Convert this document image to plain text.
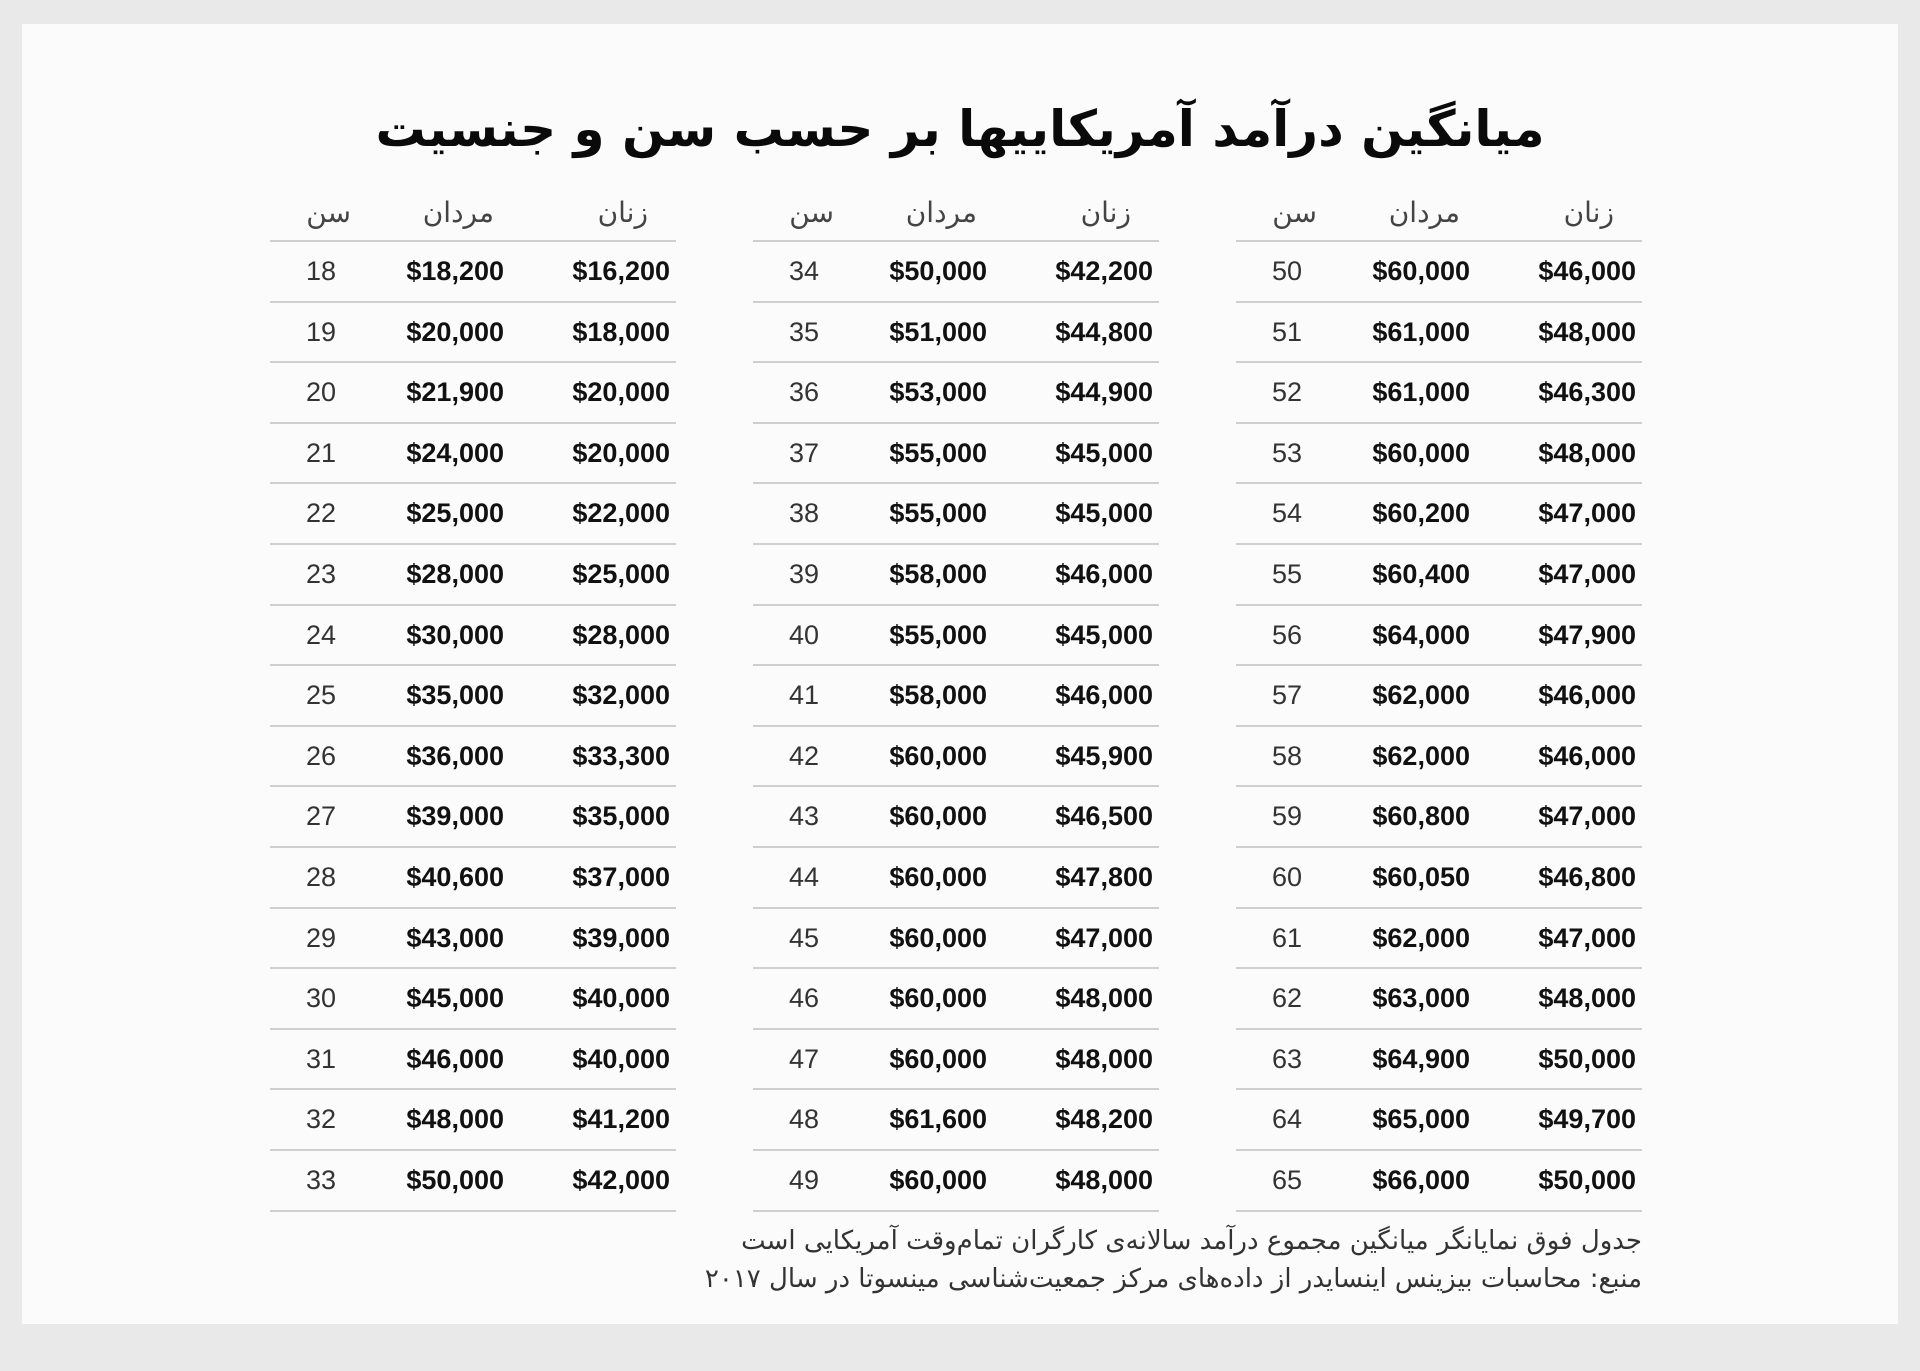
میانگین درآمد آمریکاییها بر حسب سن و جنسیت
زنان
مردان
سن
$46,000
$60,000
50
$48,000
$61,000
51
$46,300
$61,000
52
$48,000
$60,000
53
$47,000
$60,200
54
$47,000
$60,400
55
$47,900
$64,000
56
$46,000
$62,000
57
$46,000
$62,000
58
$47,000
$60,800
59
$46,800
$60,050
60
$47,000
$62,000
61
$48,000
$63,000
62
$50,000
$64,900
63
$49,700
$65,000
64
$50,000
$66,000
65
زنان
مردان
سن
$42,200
$50,000
34
$44,800
$51,000
35
$44,900
$53,000
36
$45,000
$55,000
37
$45,000
$55,000
38
$46,000
$58,000
39
$45,000
$55,000
40
$46,000
$58,000
41
$45,900
$60,000
42
$46,500
$60,000
43
$47,800
$60,000
44
$47,000
$60,000
45
$48,000
$60,000
46
$48,000
$60,000
47
$48,200
$61,600
48
$48,000
$60,000
49
زنان
مردان
سن
$16,200
$18,200
18
$18,000
$20,000
19
$20,000
$21,900
20
$20,000
$24,000
21
$22,000
$25,000
22
$25,000
$28,000
23
$28,000
$30,000
24
$32,000
$35,000
25
$33,300
$36,000
26
$35,000
$39,000
27
$37,000
$40,600
28
$39,000
$43,000
29
$40,000
$45,000
30
$40,000
$46,000
31
$41,200
$48,000
32
$42,000
$50,000
33
جدول فوق نمایانگر میانگین مجموع درآمد سالانه‌ی کارگران تمام‌وقت آمریکایی است
منبع: محاسبات بیزینس اینسایدر از داده‌های مرکز جمعیت‌شناسی مینسوتا در سال ۲۰۱۷
